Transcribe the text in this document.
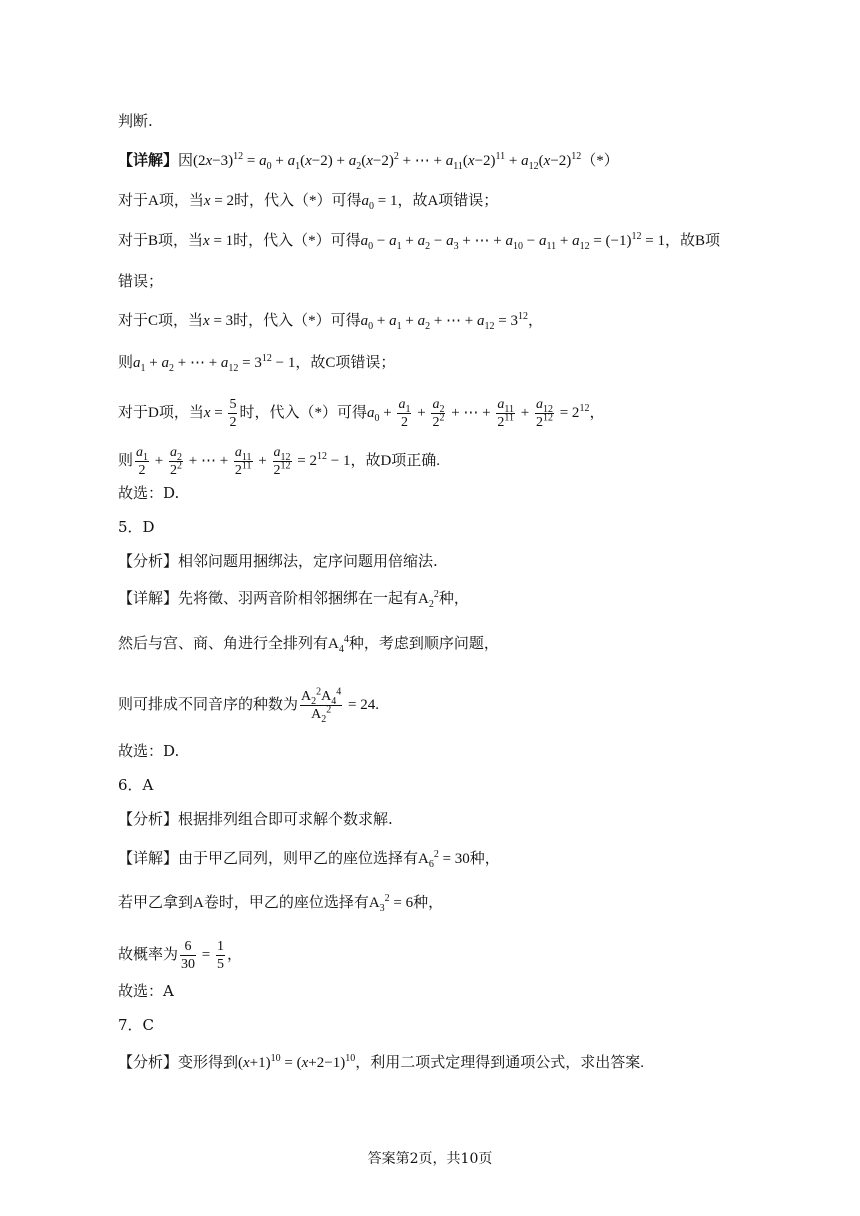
判断.
【详解】因$(2x-3)^{12} = a_0 + a_1(x-2) + a_2(x-2)^2$ + ⋯ + $a_{11}(x-2)^{11} + a_{12}(x-2)^{12}(*)$
对于A项，当x = 2时，代入（*）可得$a_0 = 1$，故A项错误；
对于B项，当x = 1时，代入（*）可得$a_0 - a_1 + a_2 - a_3$ + ⋯ + $a_{10} - a_{11} + a_{12} = (-1)^{12} = 1$，故B项
错误；
对于C项，当x = 3时，代入（*）可得$a_0 + a_1 + a_2$ + ⋯ + $a_{12} = 3^{12}$，
则$a_1 + a_2$ + ⋯ + $a_{12} = 3^{12} - 1$，故C项错误；
对于D项，当$x = \frac{5}{2}$ 时，代入（*）可得$a_0 + \frac{a_1}{2} + \frac{a_2}{2^2}$ + ⋯ + $\frac{a_{11}}{2^{11}} + \frac{a_{12}}{2^{12}} = 2^{12}$，
则 $\frac{a_1}{2} + \frac{a_2}{2^2}$ + ⋯ + $\frac{a_{11}}{2^{11}} + \frac{a_{12}}{2^{12}} = 2^{12} - 1$，故D项正确.
故选：D.
5．D
【分析】相邻问题用捆绑法，定序问题用倍缩法.
【详解】先将徵、羽两音阶相邻捆绑在一起有$A_2^2$种，
然后与宫、商、角进行全排列有$A_4^4$种，考虑到顺序问题，
则可排成不同音序的种数为 $\frac{A_2^2A_4^4}{A_2^2} = 24$.
故选：D.
6．A
【分析】根据排列组合即可求解个数求解.
【详解】由于甲乙同列，则甲乙的座位选择有$A_6^2 = 30$种，
若甲乙拿到A卷时，甲乙的座位选择有$A_3^2 = 6$种，
故概率为 $\frac{6}{30} = \frac{1}{5}$ ，
故选：A
7．C
【分析】变形得到$(x+1)^{10} = (x+2-1)^{10}$，利用二项式定理得到通项公式，求出答案.
答案第2页，共10页
